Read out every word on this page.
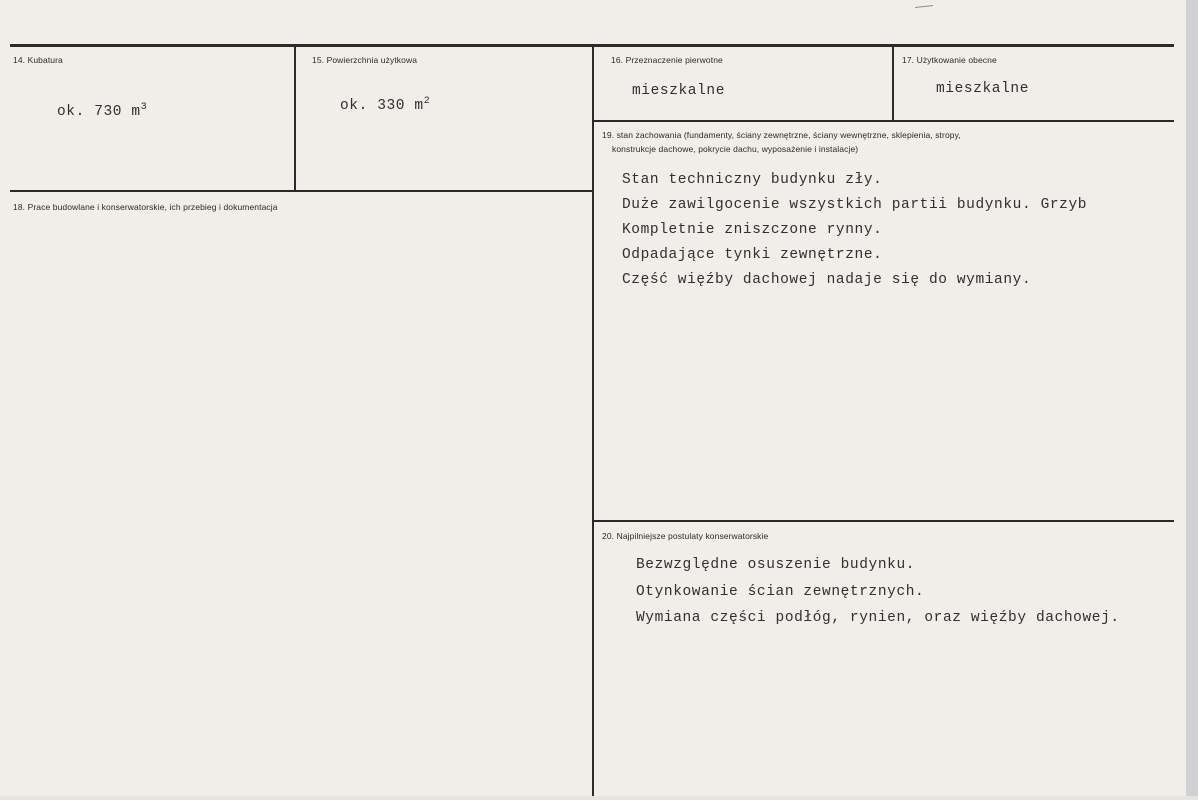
14. Kubatura
ok. 730 $m^3$
15. Powierzchnia użytkowa
ok. 330 $m^2$
16. Przeznaczenie pierwotne
mieszkalne
17. Użytkowanie obecne
mieszkalne
18. Prace budowlane i konserwatorskie, ich przebieg i dokumentacja
19. stan zachowania (fundamenty, ściany zewnętrzne, ściany wewnętrzne, sklepienia, stropy,
konstrukcje dachowe, pokrycie dachu, wyposażenie i instalacje)
Stan techniczny budynku zły.
Duże zawilgocenie wszystkich partii budynku. Grzyb
Kompletnie zniszczone rynny.
Odpadające tynki zewnętrzne.
Część więźby dachowej nadaje się do wymiany.
20. Najpilniejsze postulaty konserwatorskie
Bezwzględne osuszenie budynku.
Otynkowanie ścian zewnętrznych.
Wymiana części podłóg, rynien, oraz więźby dachowej.
